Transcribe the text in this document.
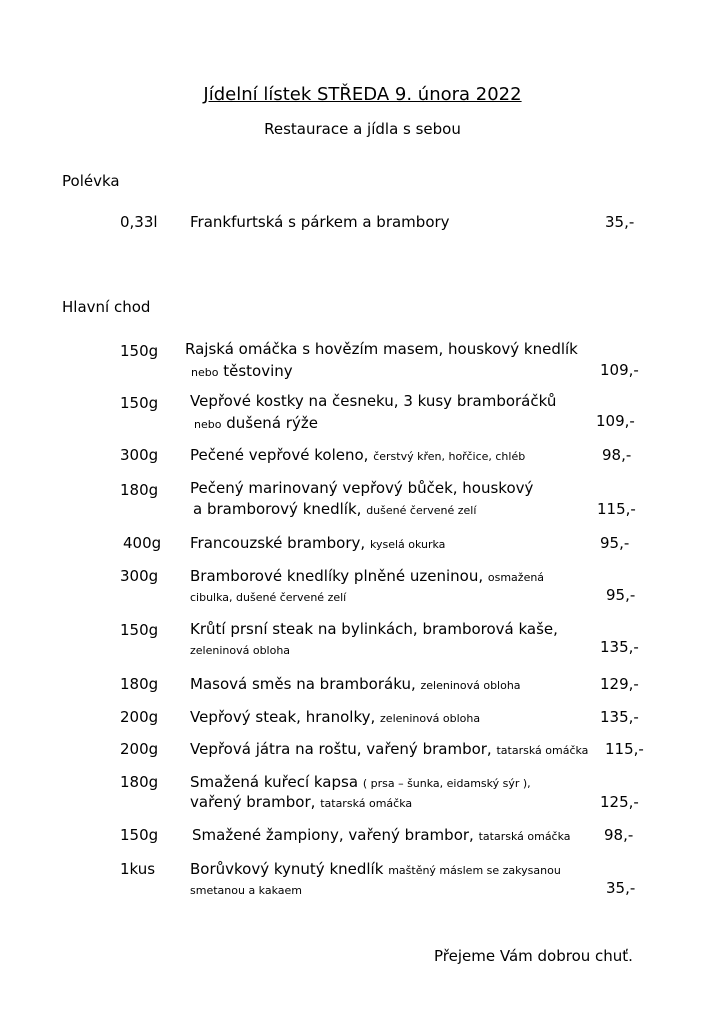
Jídelní lístek STŘEDA 9. února 2022
Restaurace a jídla s sebou
Polévka
0,33l Frankfurtská s párkem a brambory	35,-
Hlavní chod
150g Rajská omáčka s hovězím masem, houskový knedlík
nebo těstoviny	109,-
150g Vepřové kostky na česneku, 3 kusy bramboráčků
nebo dušená rýže	109,-
300g Pečené vepřové koleno, čerstvý křen, hořčice, chléb	98,-
180g Pečený marinovaný vepřový bůček, houskový
a bramborový knedlík, dušené červené zelí	115,-
400g Francouzské brambory, kyselá okurka	95,-
300g Bramborové knedlíky plněné uzeninou, osmažená
cibulka, dušené červené zelí	95,-
150g Krůtí prsní steak na bylinkách, bramborová kaše,
zeleninová obloha	135,-
180g Masová směs na bramboráku, zeleninová obloha	129,-
200g Vepřový steak, hranolky, zeleninová obloha	135,-
200g Vepřová játra na roštu, vařený brambor, tatarská omáčka 115,-
180g Smažená kuřecí kapsa ( prsa – šunka, eidamský sýr ),
vařený brambor, tatarská omáčka	125,-
150g Smažené žampiony, vařený brambor, tatarská omáčka 98,-
1kus Borůvkový kynutý knedlík maštěný máslem se zakysanou
smetanou a kakaem	35,-
Přejeme Vám dobrou chuť.
